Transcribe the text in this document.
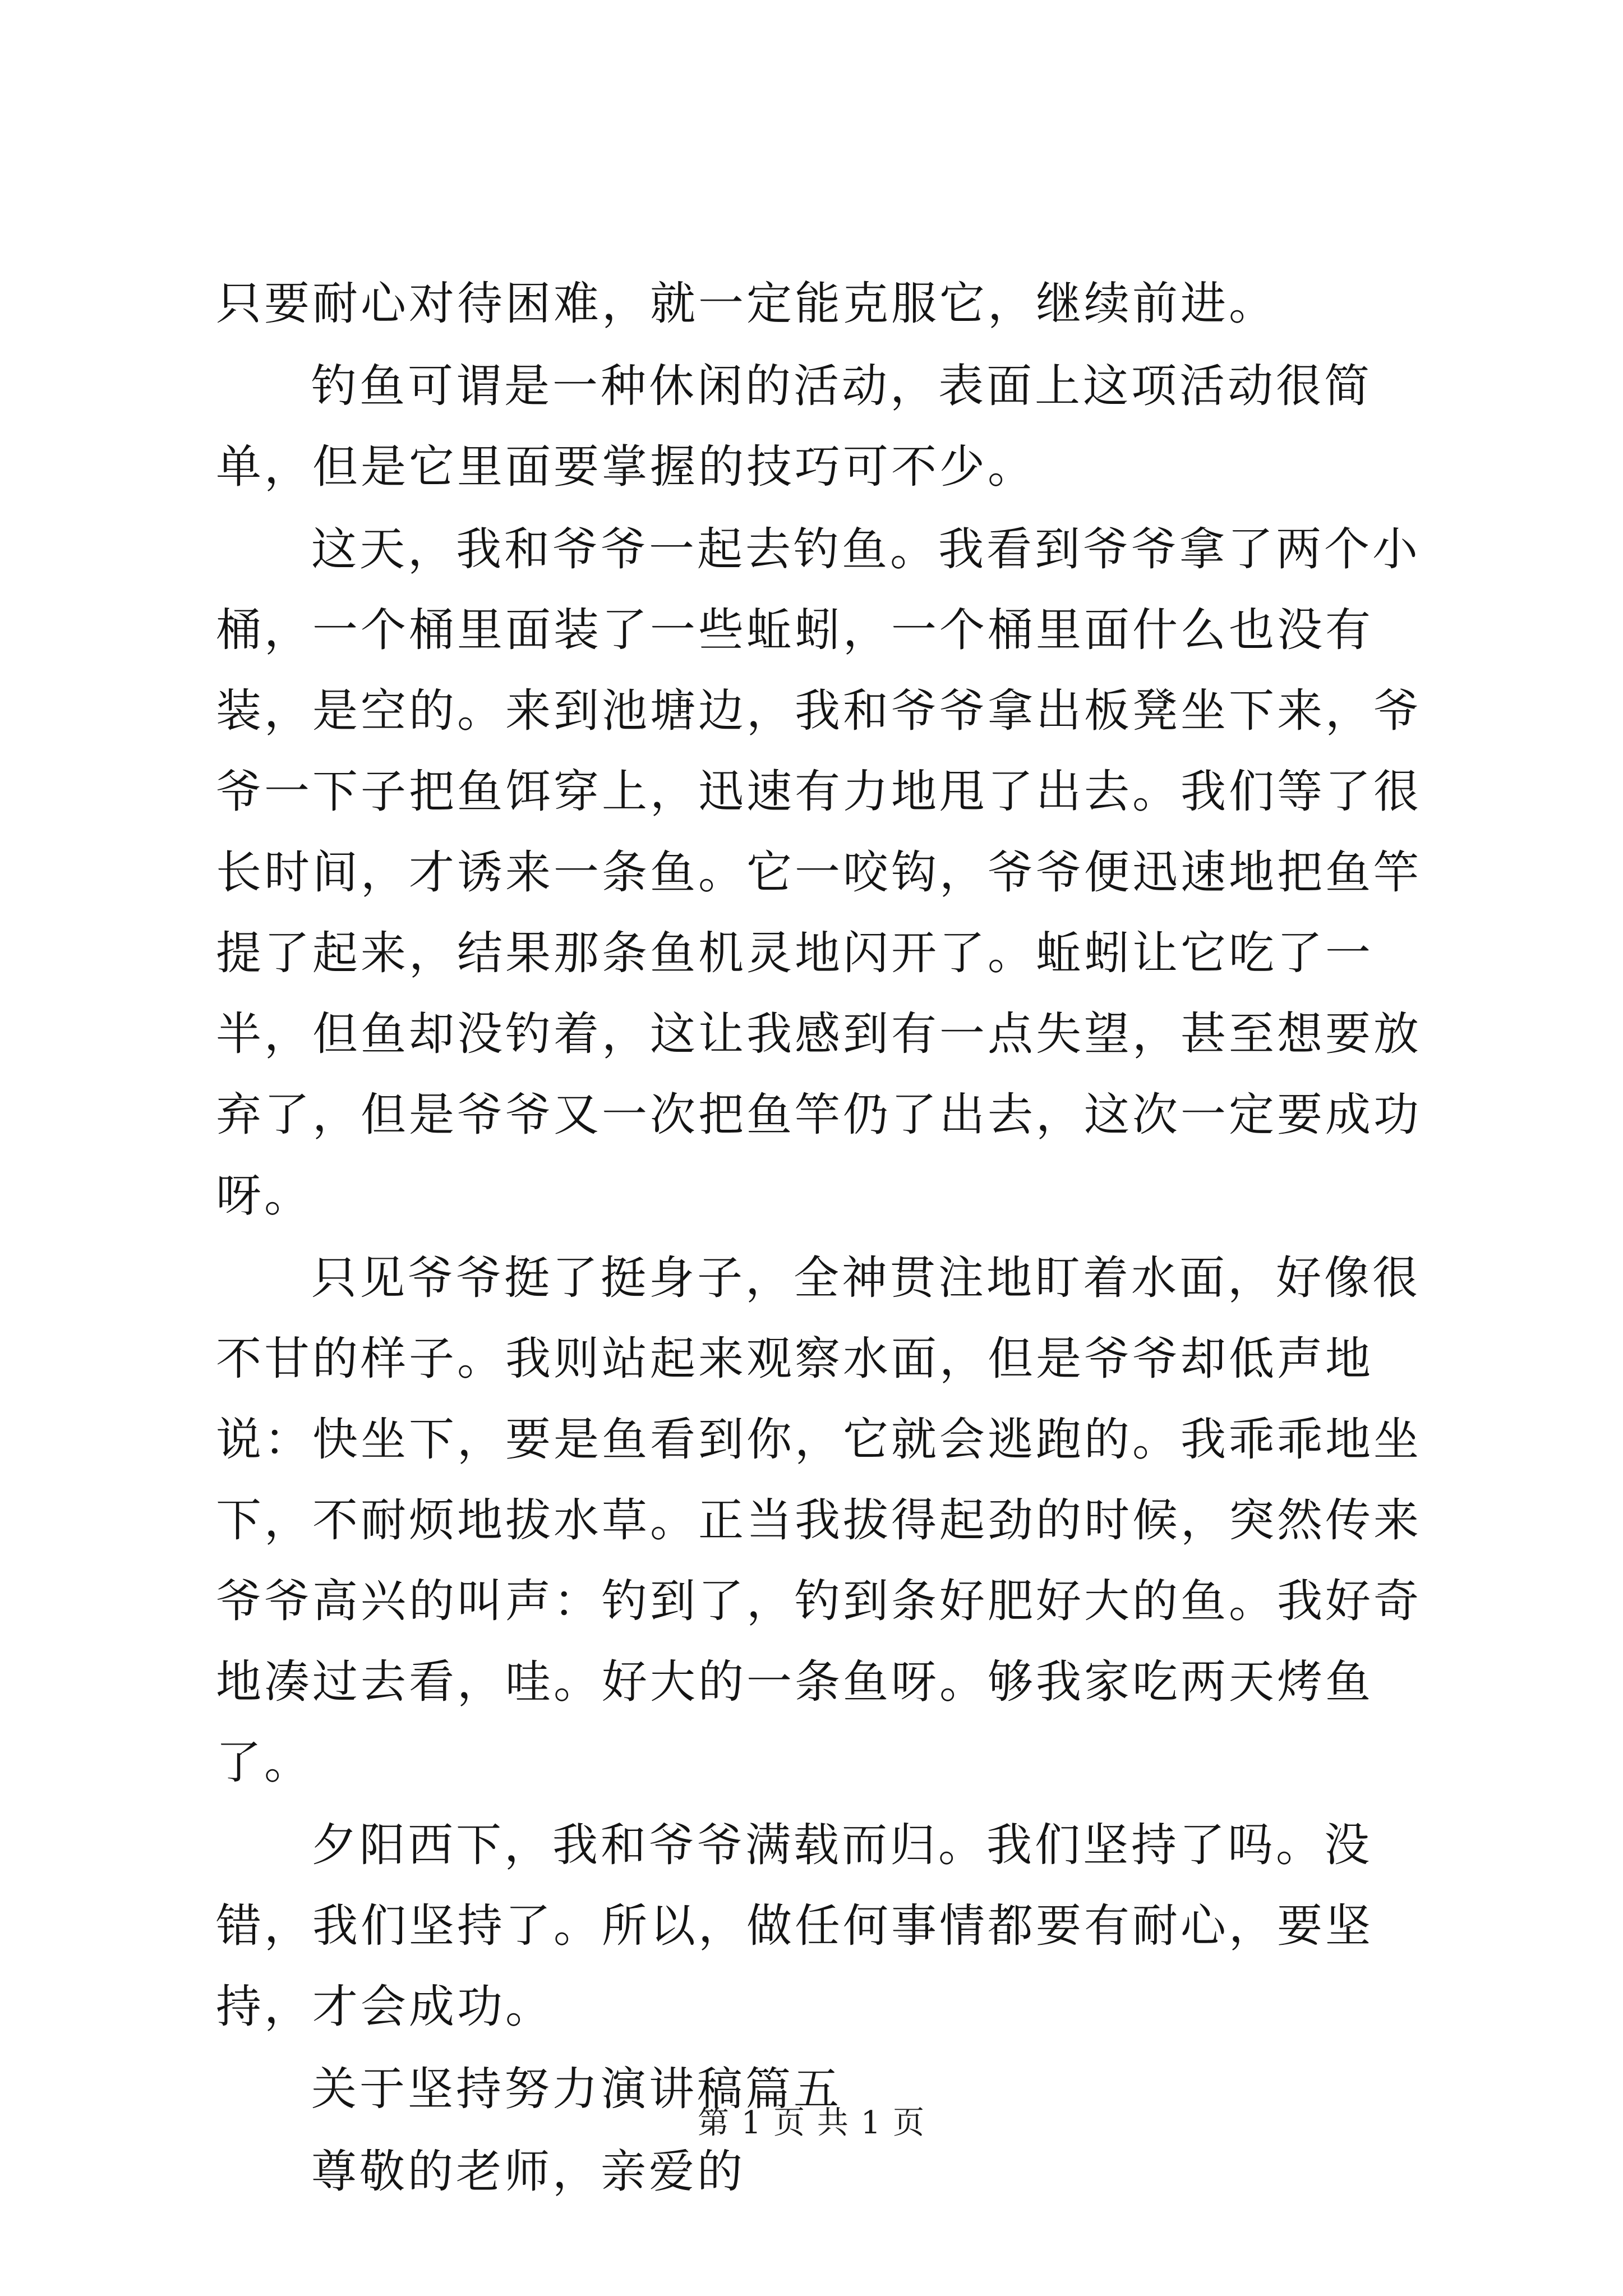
只要耐心对待困难，就一定能克服它，继续前进。

钓鱼可谓是一种休闲的活动，表面上这项活动很简单，但是它里面要掌握的技巧可不少。

这天，我和爷爷一起去钓鱼。我看到爷爷拿了两个小桶，一个桶里面装了一些蚯蚓，一个桶里面什么也没有装，是空的。来到池塘边，我和爷爷拿出板凳坐下来，爷爷一下子把鱼饵穿上，迅速有力地甩了出去。我们等了很长时间，才诱来一条鱼。它一咬钩，爷爷便迅速地把鱼竿提了起来，结果那条鱼机灵地闪开了。蚯蚓让它吃了一半，但鱼却没钓着，这让我感到有一点失望，甚至想要放弃了，但是爷爷又一次把鱼竿仍了出去，这次一定要成功呀。

只见爷爷挺了挺身子，全神贯注地盯着水面，好像很不甘的样子。我则站起来观察水面，但是爷爷却低声地说：快坐下，要是鱼看到你，它就会逃跑的。我乖乖地坐下，不耐烦地拔水草。正当我拔得起劲的时候，突然传来爷爷高兴的叫声：钓到了，钓到条好肥好大的鱼。我好奇地凑过去看，哇。好大的一条鱼呀。够我家吃两天烤鱼了。

夕阳西下，我和爷爷满载而归。我们坚持了吗。没错，我们坚持了。所以，做任何事情都要有耐心，要坚持，才会成功。

关于坚持努力演讲稿篇五

尊敬的老师，亲爱的

第 1 页 共 1 页
